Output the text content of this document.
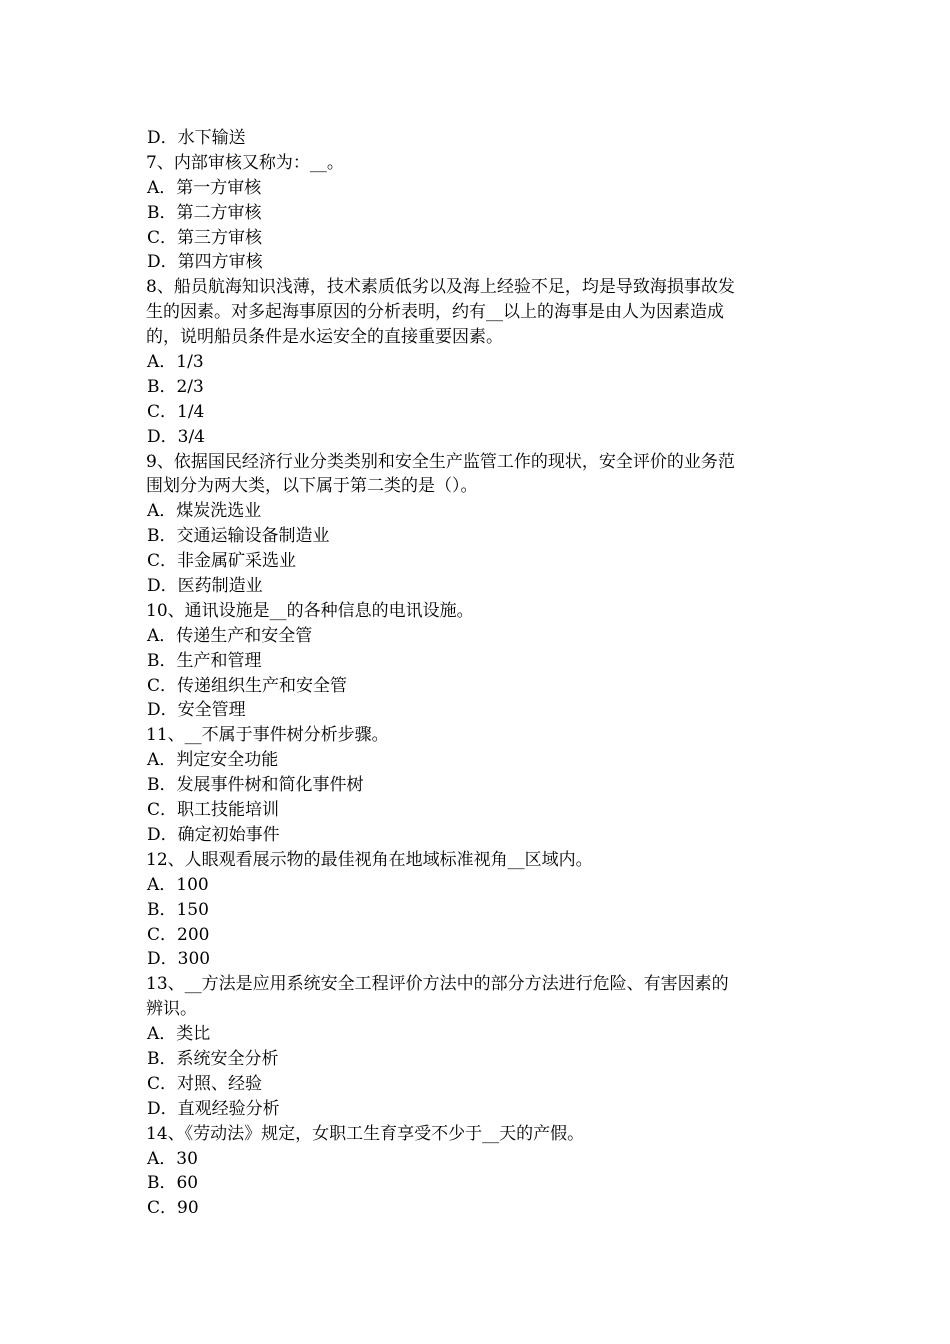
D．水下输送
7、内部审核又称为：__。
A．第一方审核
B．第二方审核
C．第三方审核
D．第四方审核
8、船员航海知识浅薄，技术素质低劣以及海上经验不足，均是导致海损事故发
生的因素。对多起海事原因的分析表明，约有__以上的海事是由人为因素造成
的，说明船员条件是水运安全的直接重要因素。
A．1/3
B．2/3
C．1/4
D．3/4
9、依据国民经济行业分类类别和安全生产监管工作的现状，安全评价的业务范
围划分为两大类，以下属于第二类的是（）。
A．煤炭洗选业
B．交通运输设备制造业
C．非金属矿采选业
D．医药制造业
10、通讯设施是__的各种信息的电讯设施。
A．传递生产和安全管
B．生产和管理
C．传递组织生产和安全管
D．安全管理
11、__不属于事件树分析步骤。
A．判定安全功能
B．发展事件树和简化事件树
C．职工技能培训
D．确定初始事件
12、人眼观看展示物的最佳视角在地域标准视角__区域内。
A．100
B．150
C．200
D．300
13、__方法是应用系统安全工程评价方法中的部分方法进行危险、有害因素的
辨识。
A．类比
B．系统安全分析
C．对照、经验
D．直观经验分析
14、《劳动法》规定，女职工生育享受不少于__天的产假。
A．30
B．60
C．90
